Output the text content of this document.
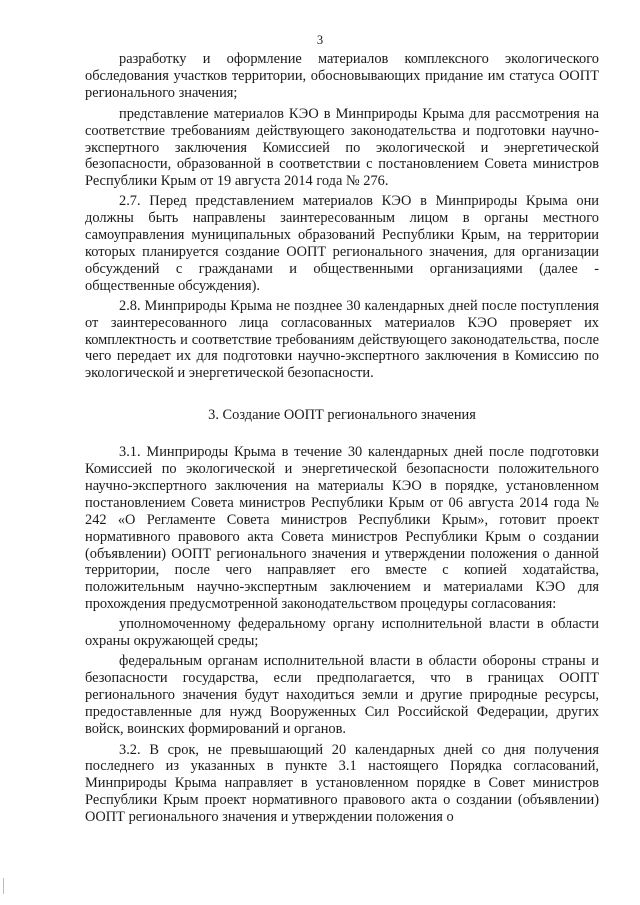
3

разработку и оформление материалов комплексного экологического обследования участков территории, обосновывающих придание им статуса ООПТ регионального значения;

представление материалов КЭО в Минприроды Крыма для рассмотрения на соответствие требованиям действующего законодательства и подготовки научно-экспертного заключения Комиссией по экологической и энергетической безопасности, образованной в соответствии с постановлением Совета министров Республики Крым от 19 августа 2014 года № 276.

2.7. Перед представлением материалов КЭО в Минприроды Крыма они должны быть направлены заинтересованным лицом в органы местного самоуправления муниципальных образований Республики Крым, на территории которых планируется создание ООПТ регионального значения, для организации обсуждений с гражданами и общественными организациями (далее - общественные обсуждения).

2.8. Минприроды Крыма не позднее 30 календарных дней после поступления от заинтересованного лица согласованных материалов КЭО проверяет их комплектность и соответствие требованиям действующего законодательства, после чего передает их для подготовки научно-экспертного заключения в Комиссию по экологической и энергетической безопасности.

3. Создание ООПТ регионального значения

3.1. Минприроды Крыма в течение 30 календарных дней после подготовки Комиссией по экологической и энергетической безопасности положительного научно-экспертного заключения на материалы КЭО в порядке, установленном постановлением Совета министров Республики Крым от 06 августа 2014 года № 242 «О Регламенте Совета министров Республики Крым», готовит проект нормативного правового акта Совета министров Республики Крым о создании (объявлении) ООПТ регионального значения и утверждении положения о данной территории, после чего направляет его вместе с копией ходатайства, положительным научно-экспертным заключением и материалами КЭО для прохождения предусмотренной законодательством процедуры согласования:

уполномоченному федеральному органу исполнительной власти в области охраны окружающей среды;

федеральным органам исполнительной власти в области обороны страны и безопасности государства, если предполагается, что в границах ООПТ регионального значения будут находиться земли и другие природные ресурсы, предоставленные для нужд Вооруженных Сил Российской Федерации, других войск, воинских формирований и органов.

3.2. В срок, не превышающий 20 календарных дней со дня получения последнего из указанных в пункте 3.1 настоящего Порядка согласований, Минприроды Крыма направляет в установленном порядке в Совет министров Республики Крым проект нормативного правового акта о создании (объявлении) ООПТ регионального значения и утверждении положения о
